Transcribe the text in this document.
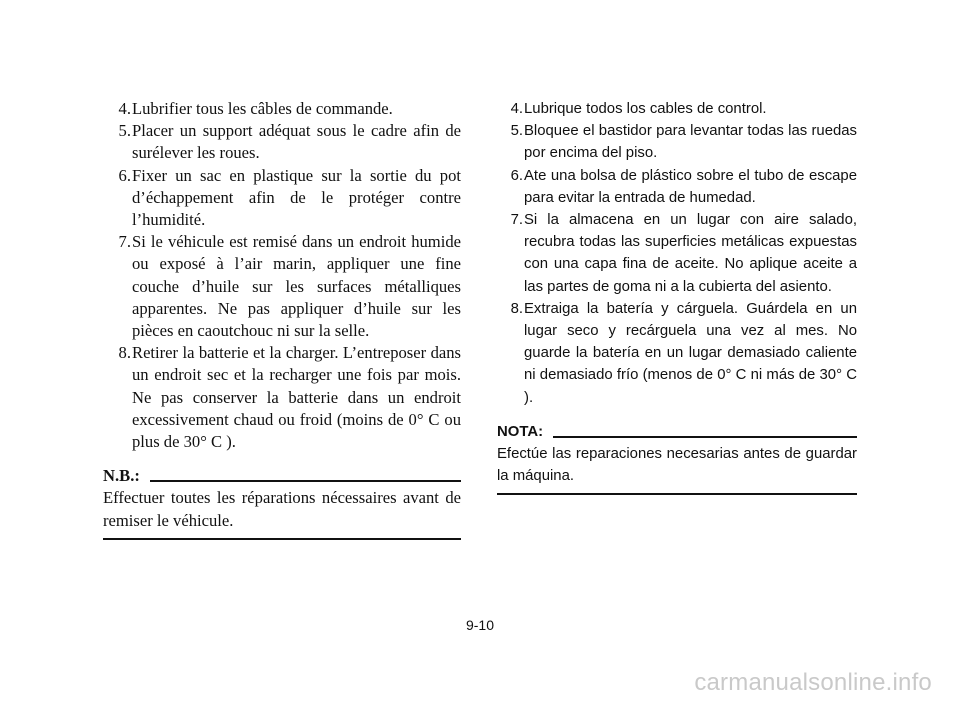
4. Lubrifier tous les câbles de commande.
5. Placer un support adéquat sous le cadre afin de surélever les roues.
6. Fixer un sac en plastique sur la sortie du pot d’échappement afin de le protéger contre l’humidité.
7. Si le véhicule est remisé dans un endroit humide ou exposé à l’air marin, appliquer une fine couche d’huile sur les surfaces métalliques apparentes. Ne pas appliquer d’huile sur les pièces en caoutchouc ni sur la selle.
8. Retirer la batterie et la charger. L’entreposer dans un endroit sec et la recharger une fois par mois. Ne pas conserver la batterie dans un endroit excessivement chaud ou froid (moins de 0° C ou plus de 30° C ).
N.B.:
Effectuer toutes les réparations nécessaires avant de remiser le véhicule.
4. Lubrique todos los cables de control.
5. Bloquee el bastidor para levantar todas las ruedas por encima del piso.
6. Ate una bolsa de plástico sobre el tubo de escape para evitar la entrada de humedad.
7. Si la almacena en un lugar con aire salado, recubra todas las superficies metálicas expuestas con una capa fina de aceite. No aplique aceite a las partes de goma ni a la cubierta del asiento.
8. Extraiga la batería y cárguela. Guárdela en un lugar seco y recárguela una vez al mes. No guarde la batería en un lugar demasiado caliente ni demasiado frío (menos de 0° C ni más de 30° C ).
NOTA:
Efectúe las reparaciones necesarias antes de guardar la máquina.
9-10
carmanualsonline.info
